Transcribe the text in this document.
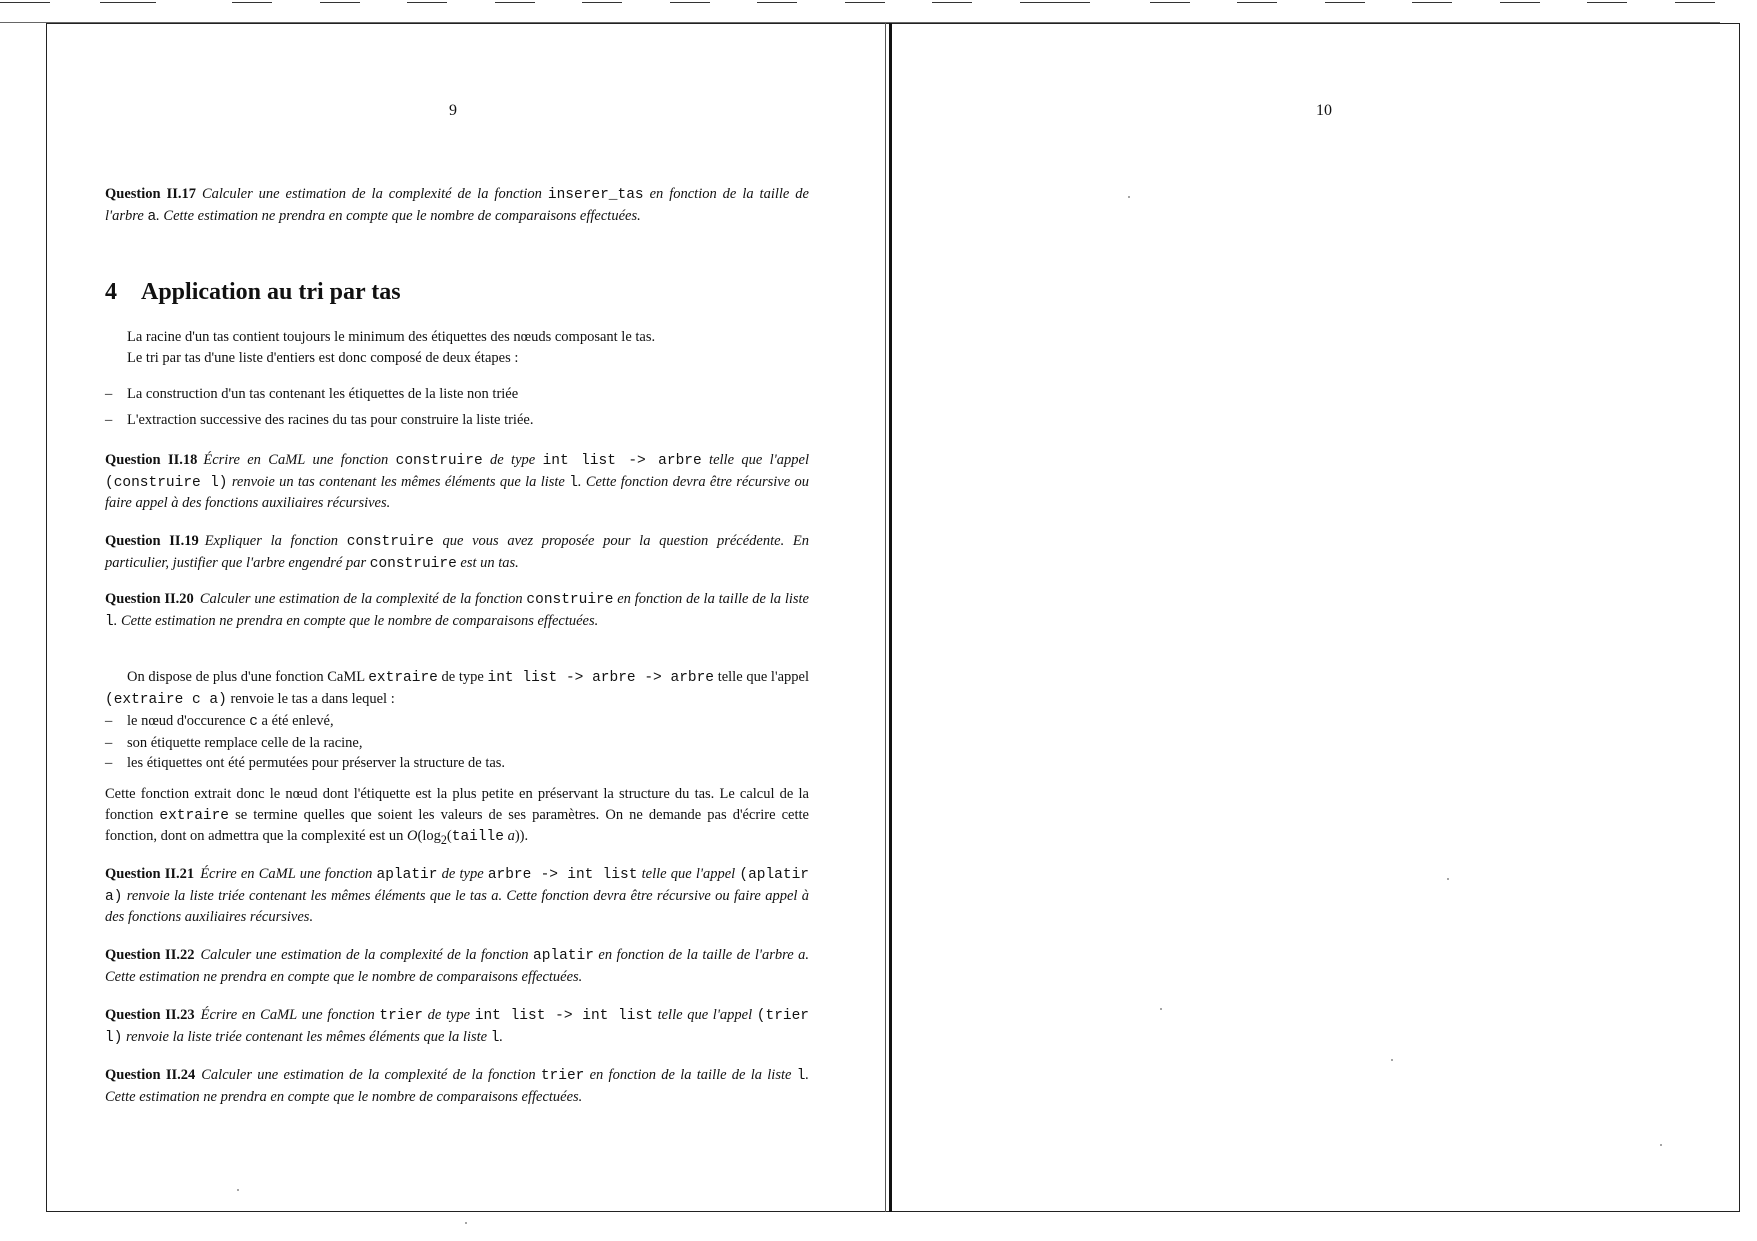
9
Question II.17 Calculer une estimation de la complexité de la fonction inserer_tas en fonction de la taille de l'arbre a. Cette estimation ne prendra en compte que le nombre de comparaisons effectuées.
4 Application au tri par tas
La racine d'un tas contient toujours le minimum des étiquettes des nœuds composant le tas.
Le tri par tas d'une liste d'entiers est donc composé de deux étapes :
– La construction d'un tas contenant les étiquettes de la liste non triée
– L'extraction successive des racines du tas pour construire la liste triée.
Question II.18 Écrire en CaML une fonction construire de type int list -> arbre telle que l'appel (construire l) renvoie un tas contenant les mêmes éléments que la liste l. Cette fonction devra être récursive ou faire appel à des fonctions auxiliaires récursives.
Question II.19 Expliquer la fonction construire que vous avez proposée pour la question précédente. En particulier, justifier que l'arbre engendré par construire est un tas.
Question II.20 Calculer une estimation de la complexité de la fonction construire en fonction de la taille de la liste l. Cette estimation ne prendra en compte que le nombre de comparaisons effectuées.
On dispose de plus d'une fonction CaML extraire de type int list -> arbre -> arbre telle que l'appel (extraire c a) renvoie le tas a dans lequel :
– le nœud d'occurence c a été enlevé,
– son étiquette remplace celle de la racine,
– les étiquettes ont été permutées pour préserver la structure de tas.
Cette fonction extrait donc le nœud dont l'étiquette est la plus petite en préservant la structure du tas. Le calcul de la fonction extraire se termine quelles que soient les valeurs de ses paramètres. On ne demande pas d'écrire cette fonction, dont on admettra que la complexité est un $O(\log_2(taille$ a)).
Question II.21 Écrire en CaML une fonction aplatir de type arbre -> int list telle que l'appel (aplatir a) renvoie la liste triée contenant les mêmes éléments que le tas a. Cette fonction devra être récursive ou faire appel à des fonctions auxiliaires récursives.
Question II.22 Calculer une estimation de la complexité de la fonction aplatir en fonction de la taille de l'arbre a. Cette estimation ne prendra en compte que le nombre de comparaisons effectuées.
Question II.23 Écrire en CaML une fonction trier de type int list -> int list telle que l'appel (trier l) renvoie la liste triée contenant les mêmes éléments que la liste l.
Question II.24 Calculer une estimation de la complexité de la fonction trier en fonction de la taille de la liste l. Cette estimation ne prendra en compte que le nombre de comparaisons effectuées.
10
